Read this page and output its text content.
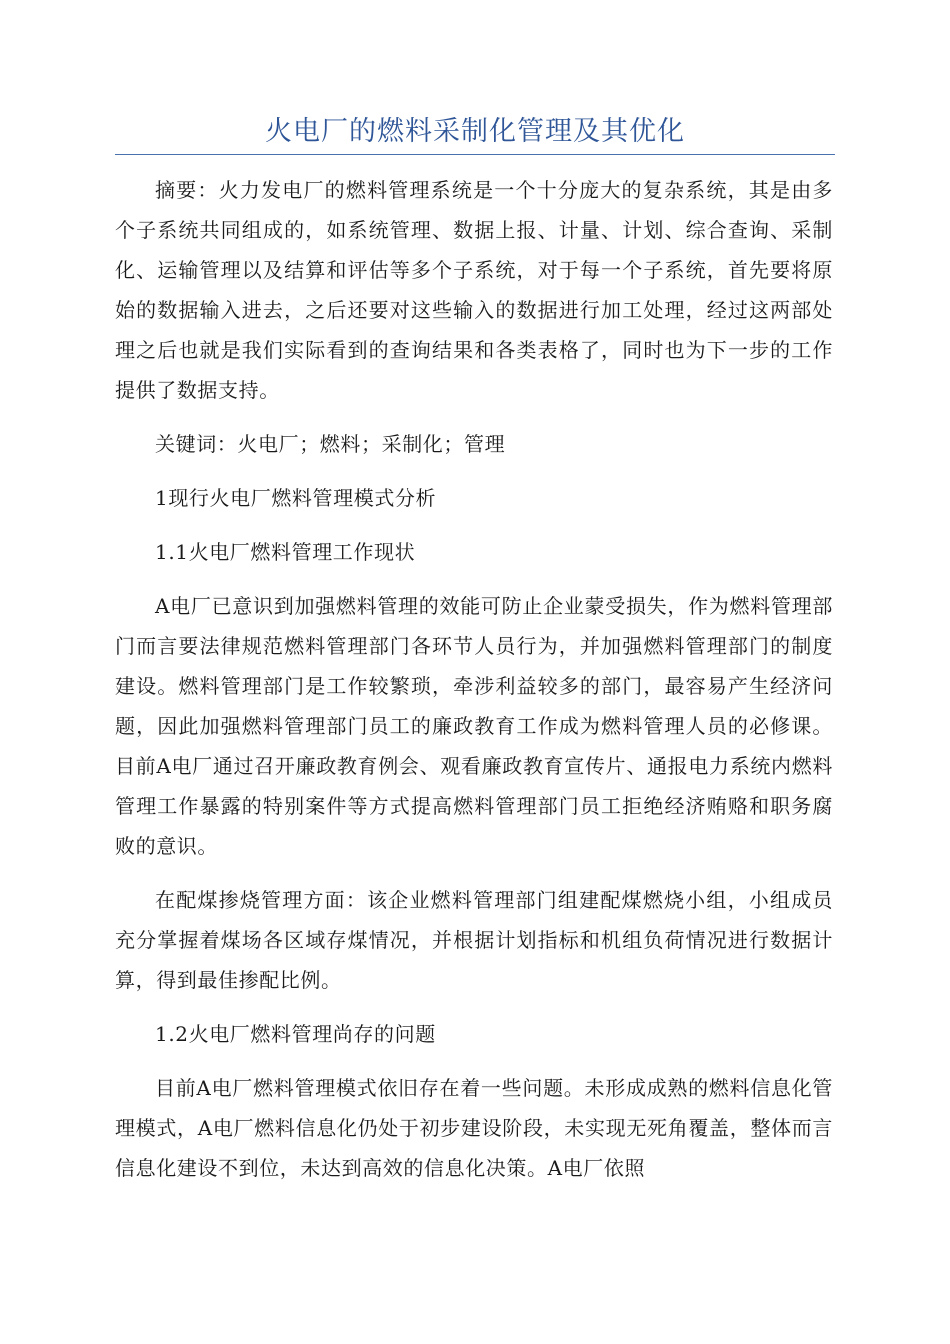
火电厂的燃料采制化管理及其优化

摘要：火力发电厂的燃料管理系统是一个十分庞大的复杂系统，其是由多个子系统共同组成的，如系统管理、数据上报、计量、计划、综合查询、采制化、运输管理以及结算和评估等多个子系统，对于每一个子系统，首先要将原始的数据输入进去，之后还要对这些输入的数据进行加工处理，经过这两部处理之后也就是我们实际看到的查询结果和各类表格了，同时也为下一步的工作提供了数据支持。

关键词：火电厂；燃料；采制化；管理

1现行火电厂燃料管理模式分析

1.1火电厂燃料管理工作现状

A电厂已意识到加强燃料管理的效能可防止企业蒙受损失，作为燃料管理部门而言要法律规范燃料管理部门各环节人员行为，并加强燃料管理部门的制度建设。燃料管理部门是工作较繁琐，牵涉利益较多的部门，最容易产生经济问题，因此加强燃料管理部门员工的廉政教育工作成为燃料管理人员的必修课。目前A电厂通过召开廉政教育例会、观看廉政教育宣传片、通报电力系统内燃料管理工作暴露的特别案件等方式提高燃料管理部门员工拒绝经济贿赂和职务腐败的意识。

在配煤掺烧管理方面：该企业燃料管理部门组建配煤燃烧小组，小组成员充分掌握着煤场各区域存煤情况，并根据计划指标和机组负荷情况进行数据计算，得到最佳掺配比例。

1.2火电厂燃料管理尚存的问题

目前A电厂燃料管理模式依旧存在着一些问题。未形成成熟的燃料信息化管理模式，A电厂燃料信息化仍处于初步建设阶段，未实现无死角覆盖，整体而言信息化建设不到位，未达到高效的信息化决策。A电厂依照
